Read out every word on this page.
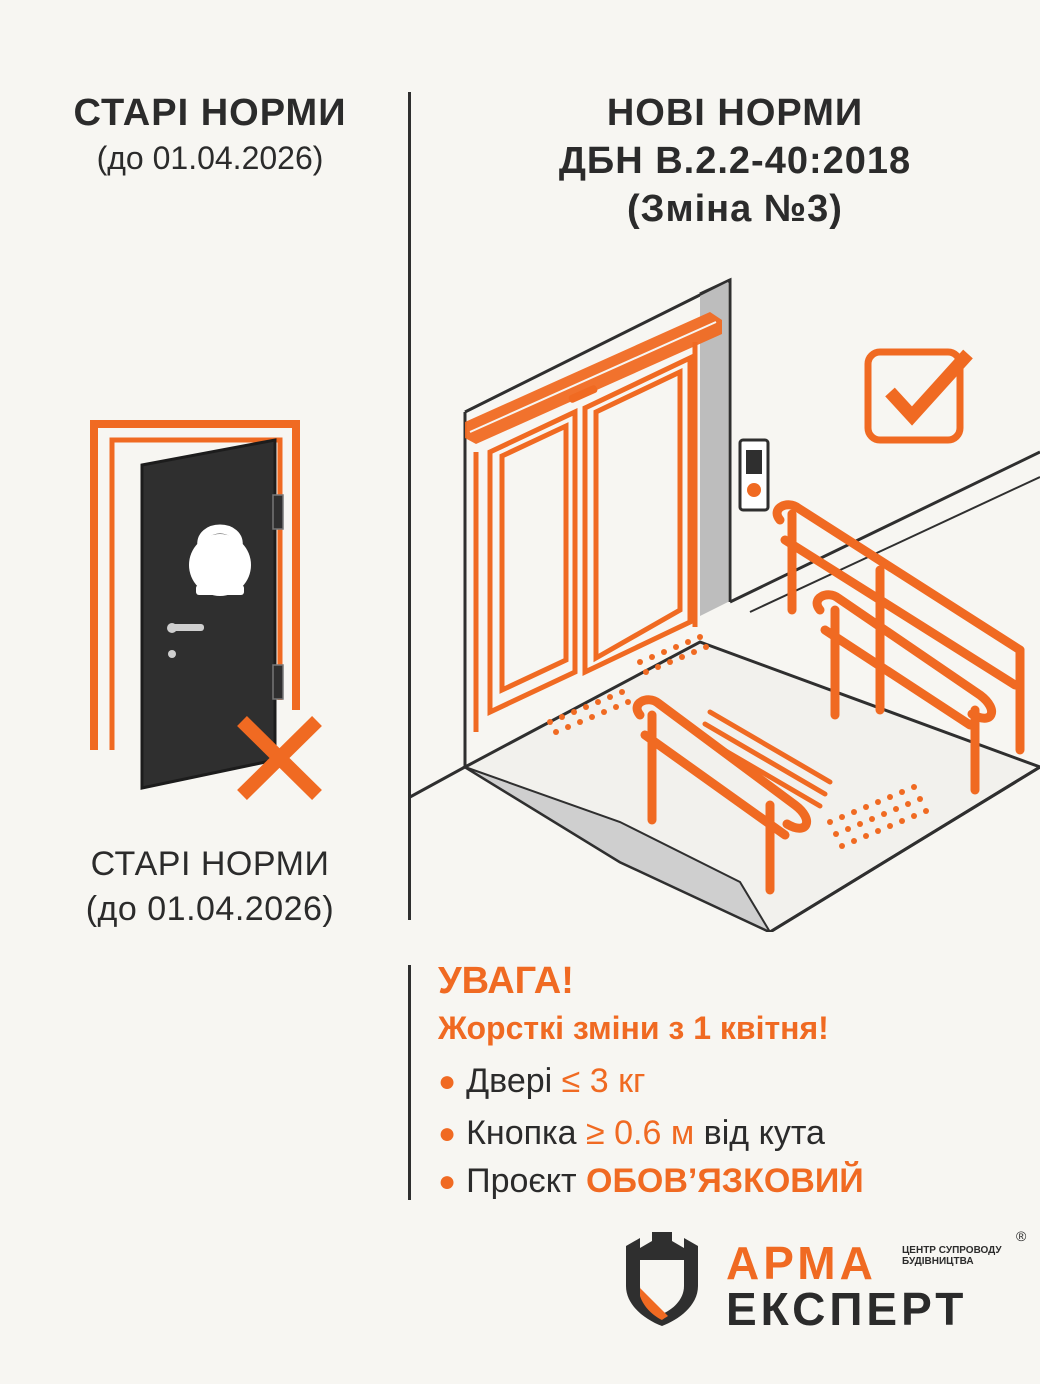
СТАРІ НОРМИ
(до 01.04.2026)
НОВІ НОРМИ
ДБН В.2.2-40:2018
(Зміна №3)
СТАРІ НОРМИ
(до 01.04.2026)
УВАГА!
Жорсткі зміни з 1 квітня!
● Двері
≤ 3 кг
● Кнопка
≥ 0.6 м
від кута
● Проєкт
ОБОВ’ЯЗКОВИЙ
АРМА
ЕКСПЕРТ
ЦЕНТР СУПРОВОДУ
БУДІВНИЦТВА
®
